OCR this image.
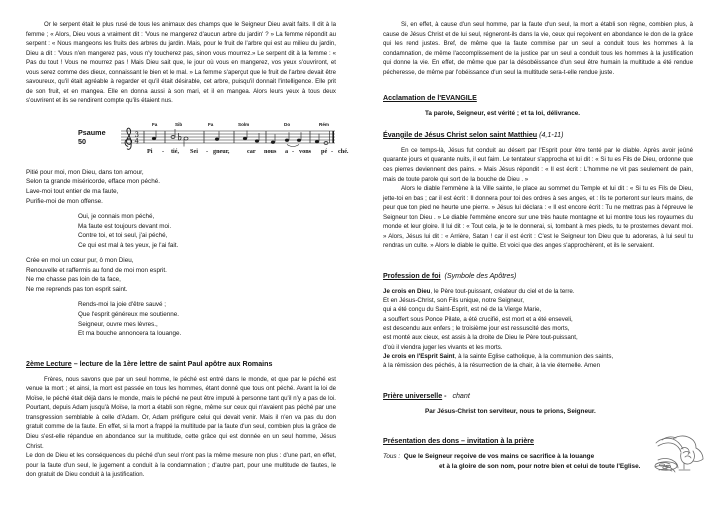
Or le serpent était le plus rusé de tous les animaux des champs que le Seigneur Dieu avait faits. Il dit à la femme ; « Alors, Dieu vous a vraiment dit : 'Vous ne mangerez d'aucun arbre du jardin' ? » La femme répondit au serpent : « Nous mangeons les fruits des arbres du jardin. Mais, pour le fruit de l'arbre qui est au milieu du jardin, Dieu a dit : 'Vous n'en mangerez pas, vous n'y toucherez pas, sinon vous mourrez.» Le serpent dit à la femme : « Pas du tout ! Vous ne mourrez pas ! Mais Dieu sait que, le jour où vous en mangerez, vos yeux s'ouvriront, et vous serez comme des dieux, connaissant le bien et le mal. » La femme s'aperçut que le fruit de l'arbre devait être savoureux, qu'il était agréable à regarder et qu'il était désirable, cet arbre, puisqu'il donnait l'intelligence. Elle prit de son fruit, et en mangea. Elle en donna aussi à son mari, et il en mangea. Alors leurs yeux à tous deux s'ouvrirent et ils se rendirent compte qu'ils étaient nus.

Psaume
50
Fa	Sib	Fa	Solm	Do	Rém
3
4
Pi - tié, Sei - gneur,	car nous a - vons pé - ché.

Pitié pour moi, mon Dieu, dans ton amour,

Selon ta grande miséricorde, efface mon péché.

Lave-moi tout entier de ma faute,

Purifie-moi de mon offense.

Oui, je connais mon péché,

Ma faute est toujours devant moi.

Contre toi, et toi seul, j'ai péché,

Ce qui est mal à tes yeux, je l'ai fait.

Crée en moi un cœur pur, ô mon Dieu,

Renouvelle et raffermis au fond de moi mon esprit.

Ne me chasse pas loin de ta face,

Ne me reprends pas ton esprit saint.

Rends-moi la joie d'être sauvé ;

Que l'esprit généreux me soutienne.

Seigneur, ouvre mes lèvres.,

Et ma bouche annoncera ta louange.

2ème Lecture – lecture de la 1ère lettre de saint Paul apôtre aux Romains

Frères, nous savons que par un seul homme, le péché est entré dans le monde, et que par le péché est venue la mort ; et ainsi, la mort est passée en tous les hommes, étant donné que tous ont péché. Avant la loi de Moïse, le péché était déjà dans le monde, mais le péché ne peut être imputé à personne tant qu'il n'y a pas de loi. Pourtant, depuis Adam jusqu'à Moïse, la mort a établi son règne, même sur ceux qui n'avaient pas péché par une transgression semblable à celle d'Adam. Or, Adam préfigure celui qui devait venir. Mais il n'en va pas du don gratuit comme de la faute. En effet, si la mort a frappé la multitude par la faute d'un seul, combien plus la grâce de Dieu s'est-elle répandue en abondance sur la multitude, cette grâce qui est donnée en un seul homme, Jésus Christ.

Le don de Dieu et les conséquences du péché d'un seul n'ont pas la même mesure non plus : d'une part, en effet, pour la faute d'un seul, le jugement a conduit à la condamnation ; d'autre part, pour une multitude de fautes, le don gratuit de Dieu conduit à la justification.

Si, en effet, à cause d'un seul homme, par la faute d'un seul, la mort a établi son règne, combien plus, à cause de Jésus Christ et de lui seul, régneront-ils dans la vie, ceux qui reçoivent en abondance le don de la grâce qui les rend justes. Bref, de même que la faute commise par un seul a conduit tous les hommes à la condamnation, de même l'accomplissement de la justice par un seul a conduit tous les hommes à la justification qui donne la vie. En effet, de même que par la désobéissance d'un seul être humain la multitude a été rendue pécheresse, de même par l'obéissance d'un seul la multitude sera-t-elle rendue juste.

Acclamation de l'EVANGILE

Ta parole, Seigneur, est vérité ; et ta loi, délivrance.

Évangile de Jésus Christ selon saint Matthieu (4,1-11)

En ce temps-là, Jésus fut conduit au désert par l'Esprit pour être tenté par le diable. Après avoir jeûné quarante jours et quarante nuits, il eut faim. Le tentateur s'approcha et lui dit : « Si tu es Fils de Dieu, ordonne que ces pierres deviennent des pains. » Mais Jésus répondit : « Il est écrit : L'homme ne vit pas seulement de pain, mais de toute parole qui sort de la bouche de Dieu . »

Alors le diable l'emmène à la Ville sainte, le place au sommet du Temple et lui dit : « Si tu es Fils de Dieu, jette-toi en bas ; car il est écrit : Il donnera pour toi des ordres à ses anges, et : Ils te porteront sur leurs mains, de peur que ton pied ne heurte une pierre. » Jésus lui déclara : « Il est encore écrit : Tu ne mettras pas à l'épreuve le Seigneur ton Dieu . » Le diable l'emmène encore sur une très haute montagne et lui montre tous les royaumes du monde et leur gloire. Il lui dit : « Tout cela, je te le donnerai, si, tombant à mes pieds, tu te prosternes devant moi. » Alors, Jésus lui dit : « Arrière, Satan ! car il est écrit : C'est le Seigneur ton Dieu que tu adoreras, à lui seul tu rendras un culte. » Alors le diable le quitte. Et voici que des anges s'approchèrent, et ils le servaient.

Profession de foi (Symbole des Apôtres)

Je crois en Dieu, le Père tout-puissant, créateur du ciel et de la terre.

Et en Jésus-Christ, son Fils unique, notre Seigneur,

qui a été conçu du Saint-Esprit, est né de la Vierge Marie,

a souffert sous Ponce Pilate, a été crucifié, est mort et a été enseveli,

est descendu aux enfers ; le troisième jour est ressuscité des morts,

est monté aux cieux, est assis à la droite de Dieu le Père tout-puissant,

d'où il viendra juger les vivants et les morts.

Je crois en l'Esprit Saint, à la sainte Eglise catholique, à la communion des saints,

à la rémission des péchés, à la résurrection de la chair, à la vie éternelle. Amen

Prière universelle - chant

Par Jésus-Christ ton serviteur, nous te prions, Seigneur.

Présentation des dons – invitation à la prière

Tous : Que le Seigneur reçoive de vos mains ce sacrifice à la louange

et à la gloire de son nom, pour notre bien et celui de toute l'Eglise.
